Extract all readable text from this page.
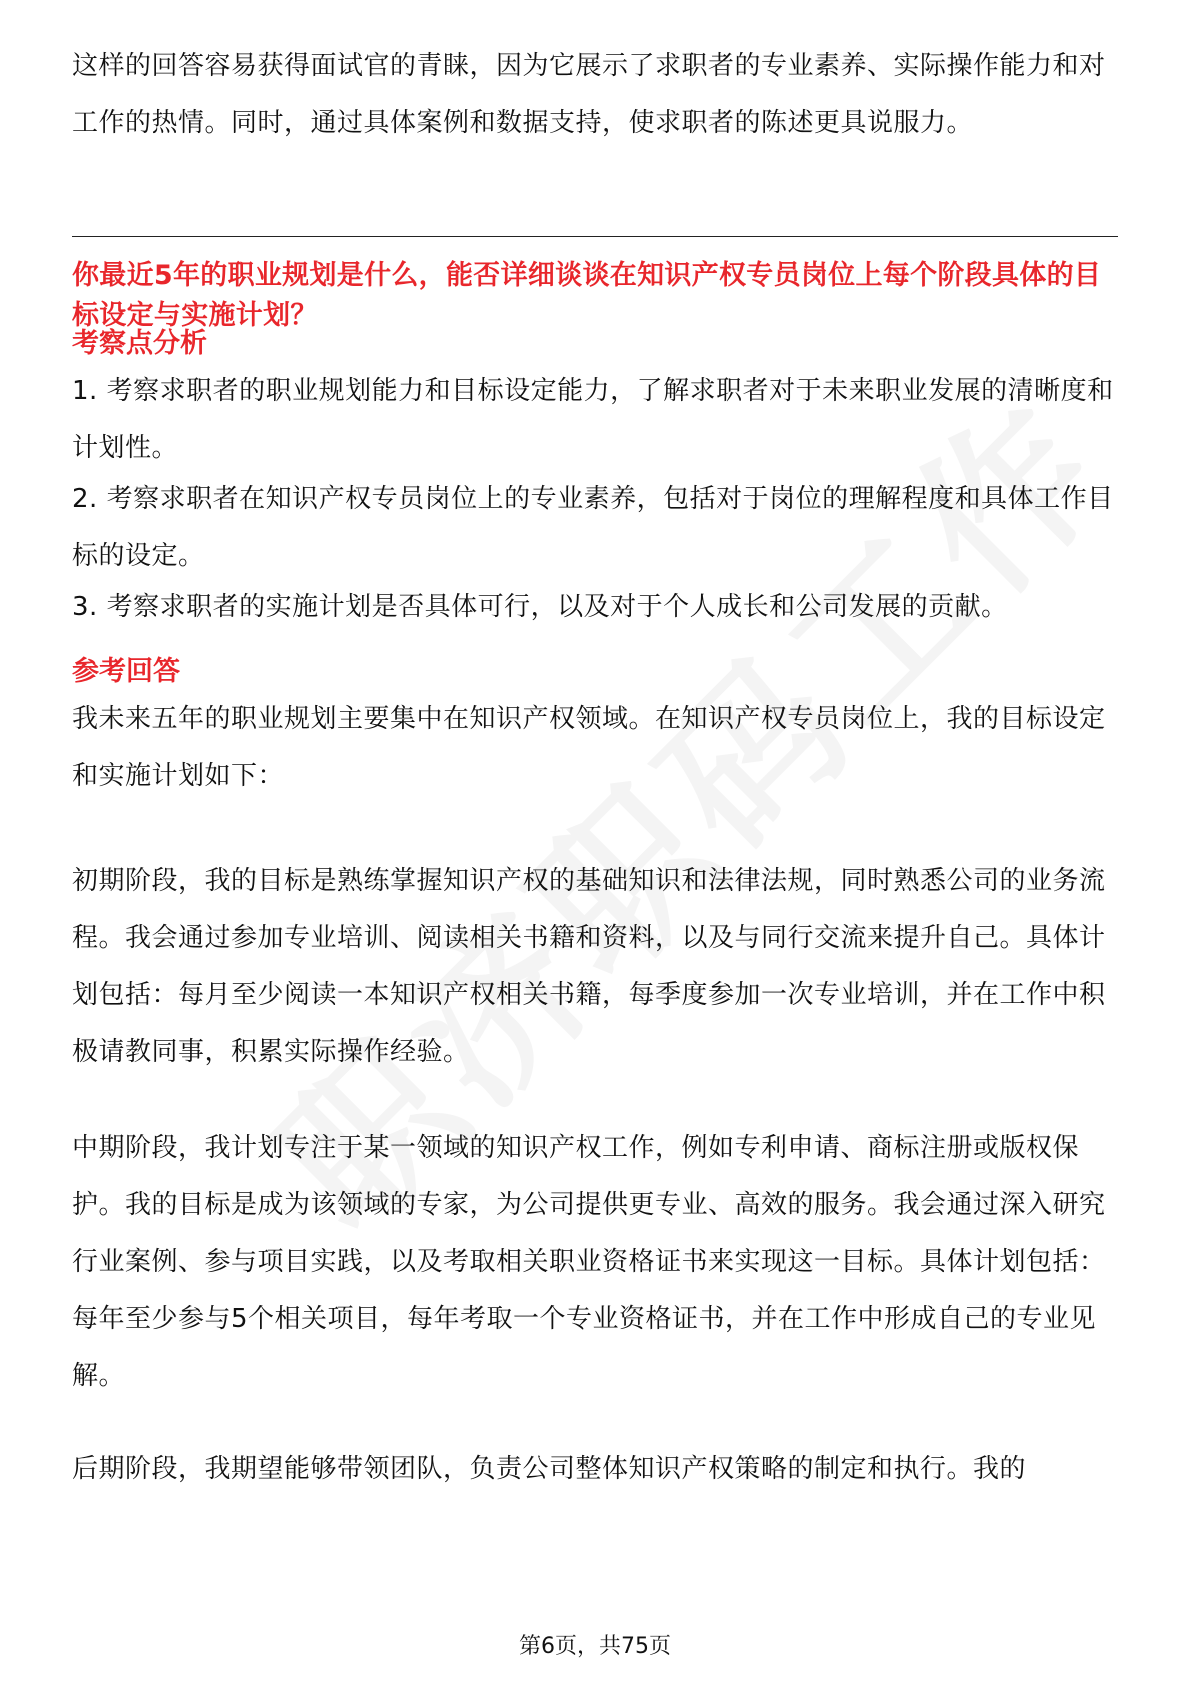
这样的回答容易获得面试官的青睐，因为它展示了求职者的专业素养、实际操作能力和对工作的热情。同时，通过具体案例和数据支持，使求职者的陈述更具说服力。

你最近5年的职业规划是什么，能否详细谈谈在知识产权专员岗位上每个阶段具体的目标设定与实施计划？

考察点分析

1. 考察求职者的职业规划能力和目标设定能力，了解求职者对于未来职业发展的清晰度和计划性。

2. 考察求职者在知识产权专员岗位上的专业素养，包括对于岗位的理解程度和具体工作目标的设定。

3. 考察求职者的实施计划是否具体可行，以及对于个人成长和公司发展的贡献。

参考回答

我未来五年的职业规划主要集中在知识产权领域。在知识产权专员岗位上，我的目标设定和实施计划如下：

初期阶段，我的目标是熟练掌握知识产权的基础知识和法律法规，同时熟悉公司的业务流程。我会通过参加专业培训、阅读相关书籍和资料，以及与同行交流来提升自己。具体计划包括：每月至少阅读一本知识产权相关书籍，每季度参加一次专业培训，并在工作中积极请教同事，积累实际操作经验。

中期阶段，我计划专注于某一领域的知识产权工作，例如专利申请、商标注册或版权保护。我的目标是成为该领域的专家，为公司提供更专业、高效的服务。我会通过深入研究行业案例、参与项目实践，以及考取相关职业资格证书来实现这一目标。具体计划包括：每年至少参与5个相关项目，每年考取一个专业资格证书，并在工作中形成自己的专业见解。

后期阶段，我期望能够带领团队，负责公司整体知识产权策略的制定和执行。我的

第6页，共75页
